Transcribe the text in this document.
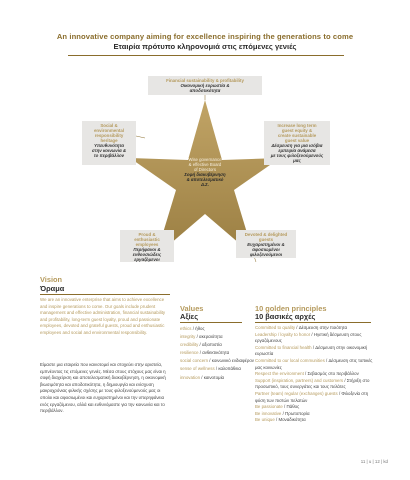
An innovative company aiming for excellence inspiring the generations to come
Εταιρία πρότυπο κληρονομιά στις επόμενες γενιές
Financial sustainability & profitability
Οικονομική ευρωστία &
αποδοτικότητα
Social &
environmental
responsibility
heritage
Υπευθυνότητα
στην κοινωνία &
το περιβάλλον
Increase long term
guest equity &
create sustainable
guest value
Δέσμευση για μια ισόβια
εμπειρία ανάμεσα
με τους φιλοξενούμενούς μας
Wise governance
& effective Board
of Directors
Σοφή διακυβέρνηση
& αποτελεσματικό
Δ.Σ.
Proud &
enthusiastic
employees
Περήφανοι &
ενθουσιώδεις
εργαζόμενοι
Devoted & delighted
guests
Ευχαριστημένοι &
αφοσιωμένοι
φιλοξενούμενοι
Vision
Όραμα

We are an innovative enterprise that aims to achieve excellence and inspire generations to come. Our goals include prudent management and effective administration, financial sustainability and profitability, long-term guest loyalty, proud and passionate employees, devoted and grateful guests, proud and enthusiastic employees and social and environmental responsibility.

Είμαστε μια εταιρεία που καινοτομεί και στοχεύει στην αριστεία, εμπνέοντας τις επόμενες γενιές. Μέσα στους στόχους μας είναι η σοφή διαχείριση και αποτελεσματική διακυβέρνηση, η οικονομική βιωσιμότητα και αποδοτικότητα, η δημιουργία και ενίσχυση μακροχρόνιας φιλικής σχέσης με τους φιλοξενούμενούς μας οι οποίοι και αφοσιωμένοι και ευχαριστημένοι και την υπερηφάνεια ενός εργαζόμενου, αλλά και ευθυνόμαστε για την κοινωνία και το περιβάλλον.

Values
Αξίες
ethics / ήθος
integrity / ακεραιότητα
credibility / αξιοπιστία
resilience / ανθεκτικότητα
social concern / κοινωνικό ενδιαφέρον
sense of wellness / καλοπάθεια
innovation / καινοτομία
10 golden principles
10 βασικές αρχές
Committed to quality / Δέσμευση στην ποιότητα
Leadership / loyalty to honor / Ηγετική δέσμευση στους εργαζόμενους
Committed to financial health / Δέσμευση στην οικονομική ευρωστία
Committed to our local communities / Δέσμευση στις τοπικές μας κοινωνίες
Respect the environment / Σεβασμός στο περιβάλλον
Support (inspiration, partners) and customers / Στήριξη στο προσωπικό, τους συνεργάτες και τους πελάτες
Partner (team) regular (exchanges) guests / Φιλοξενία στη φύση των πιστών πελατών
Be passionate / Πάθος
Be innovative / Πρωτοπορία
Be unique / Μοναδικότητα
11 | u | 12 | kd
